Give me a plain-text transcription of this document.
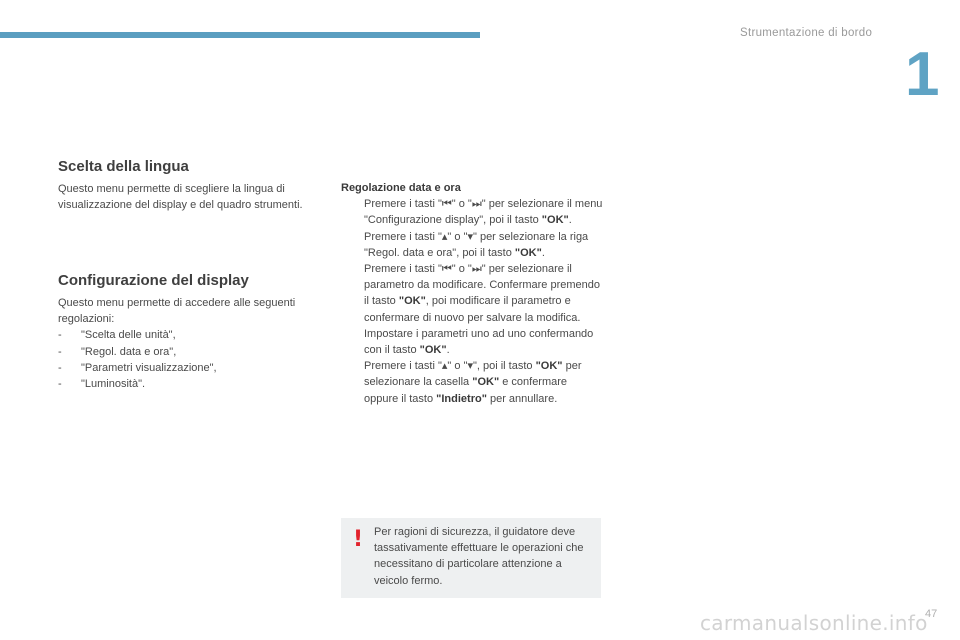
Strumentazione di bordo
1
Scelta della lingua
Questo menu permette di scegliere la lingua di visualizzazione del display e del quadro strumenti.
Configurazione del display
Questo menu permette di accedere alle seguenti regolazioni:
- "Scelta delle unità",
- "Regol. data e ora",
- "Parametri visualizzazione",
- "Luminosità".
Regolazione data e ora
Premere i tasti "⏮" o "⏭" per selezionare il menu "Configurazione display", poi il tasto "OK".
Premere i tasti "▴" o "▾" per selezionare la riga "Regol. data e ora", poi il tasto "OK".
Premere i tasti "⏮" o "⏭" per selezionare il parametro da modificare. Confermare premendo il tasto "OK", poi modificare il parametro e confermare di nuovo per salvare la modifica.
Impostare i parametri uno ad uno confermando con il tasto "OK".
Premere i tasti "▴" o "▾", poi il tasto "OK" per selezionare la casella "OK" e confermare oppure il tasto "Indietro" per annullare.
! Per ragioni di sicurezza, il guidatore deve tassativamente effettuare le operazioni che necessitano di particolare attenzione a veicolo fermo.
47
carmanualsonline.info
